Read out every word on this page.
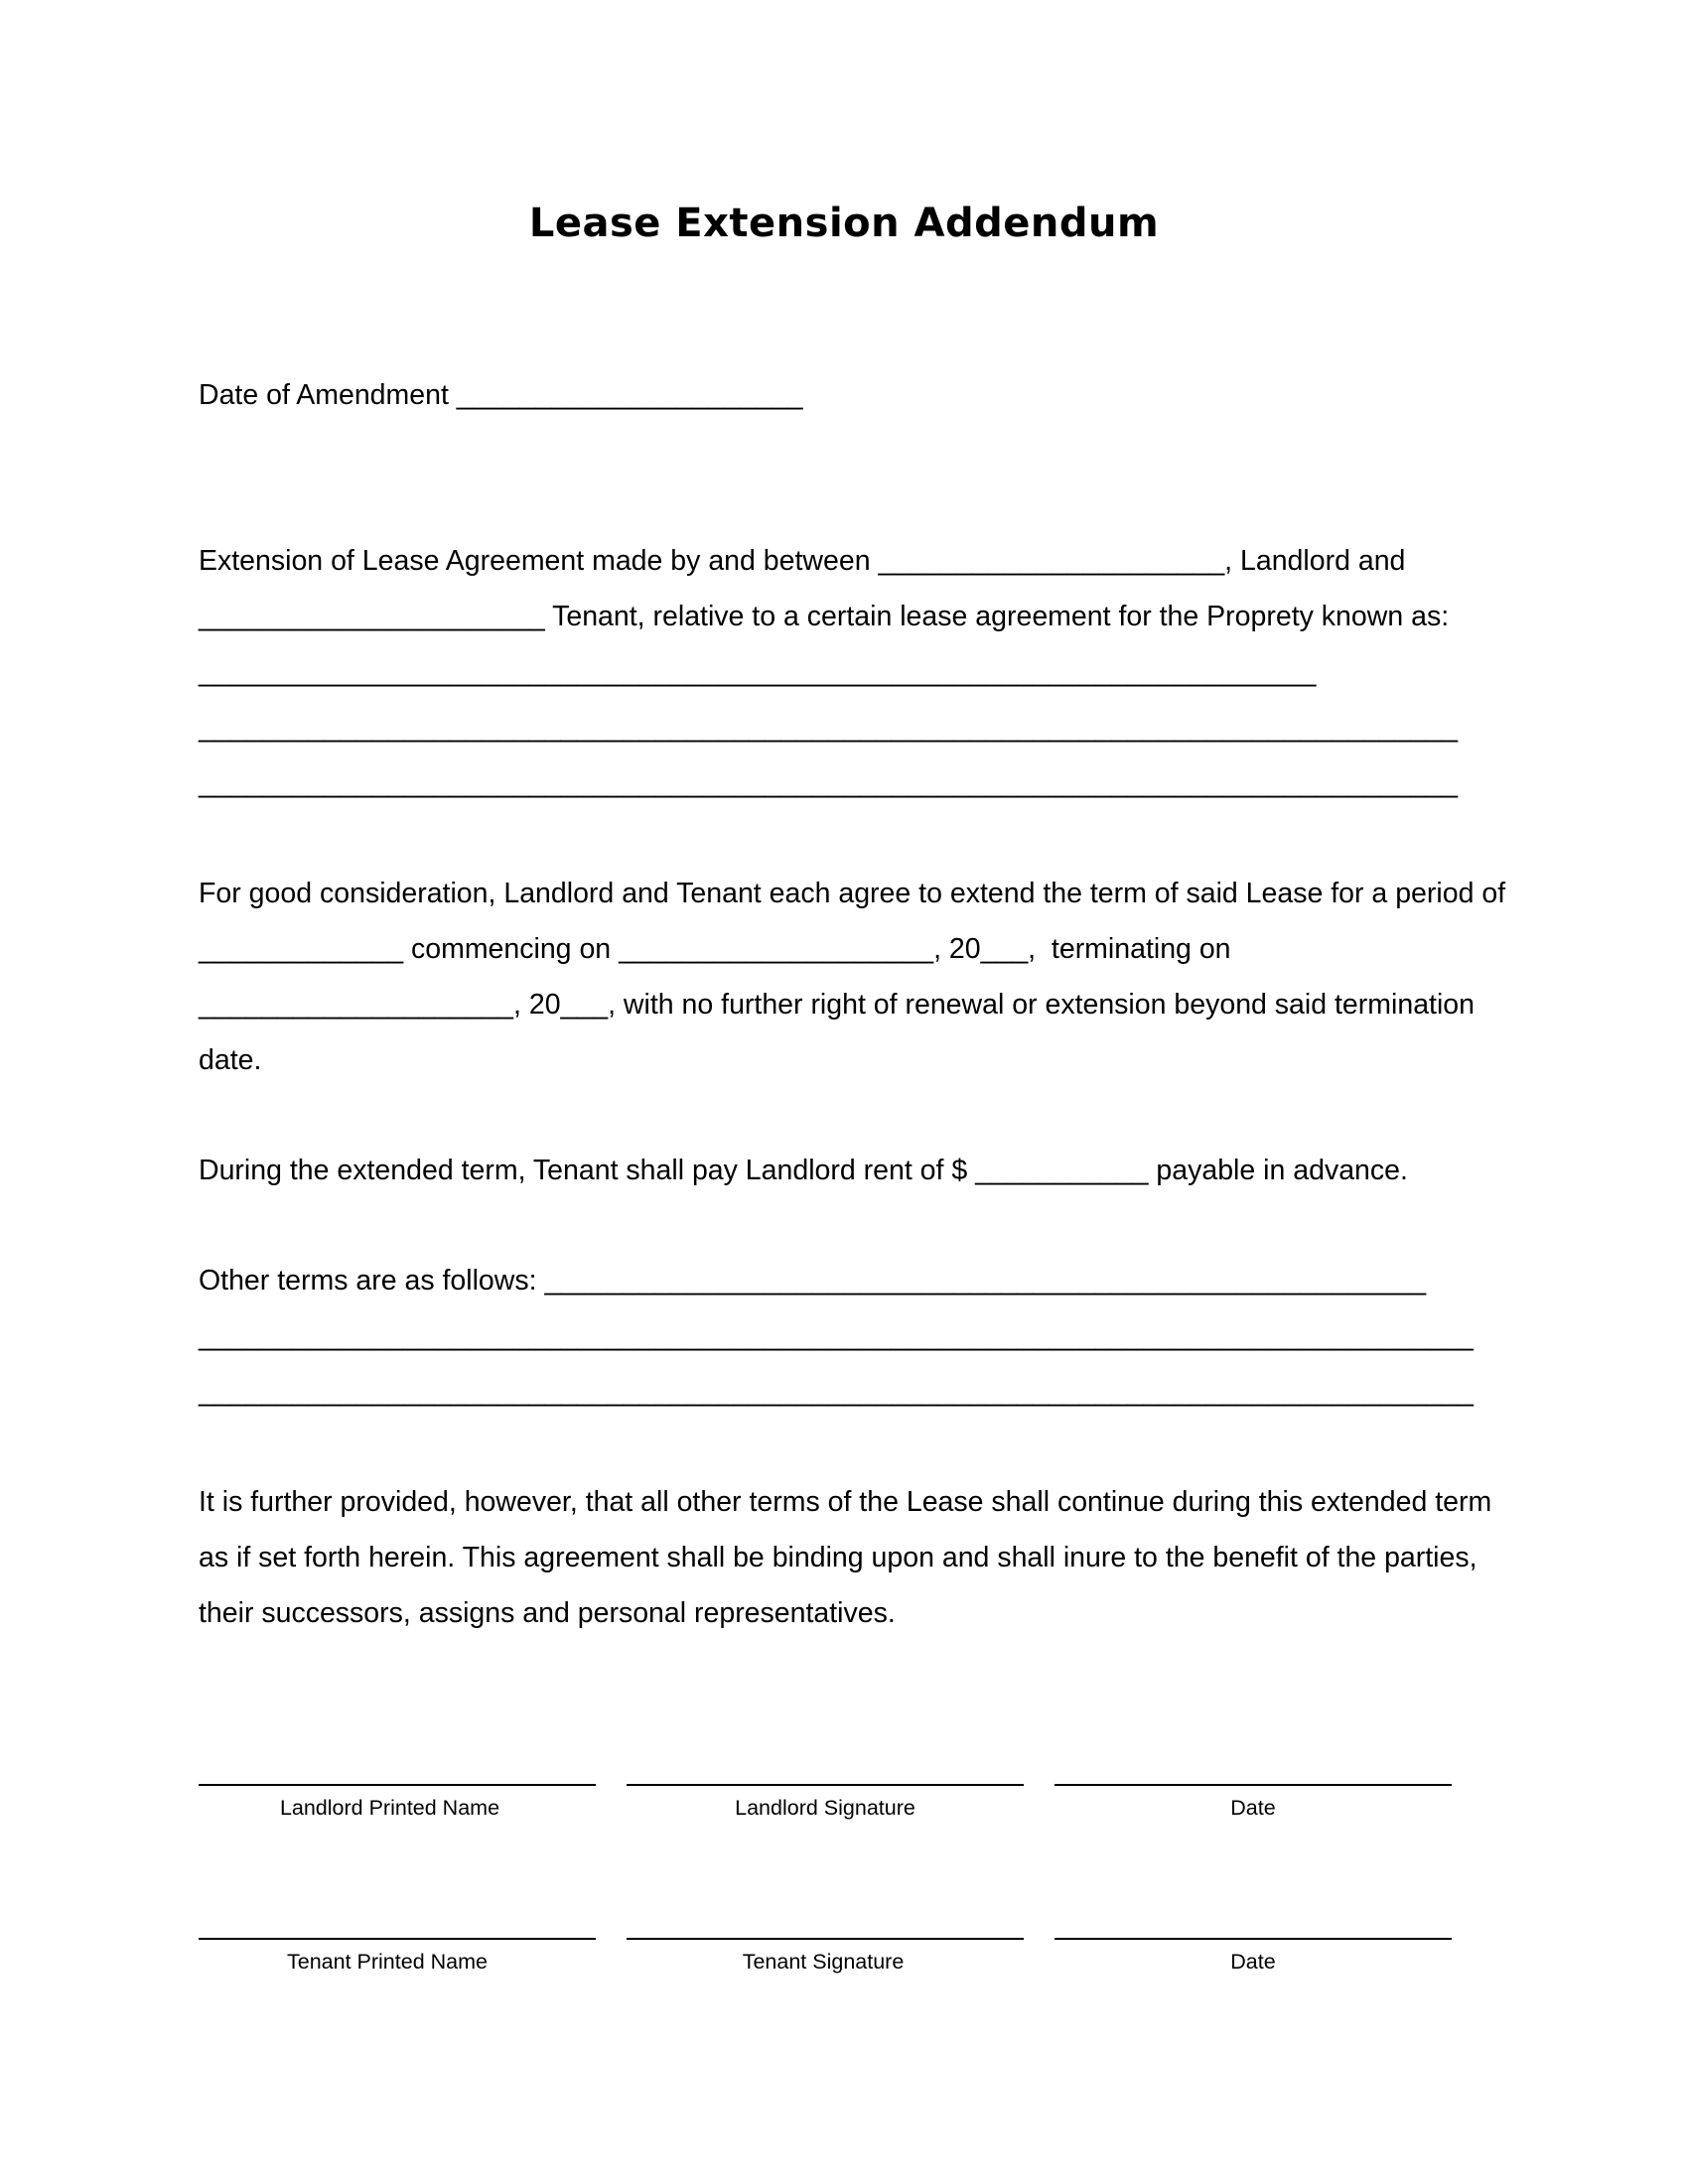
Lease Extension Addendum

Date of Amendment ______________________

Extension of Lease Agreement made by and between ______________________, Landlord and

______________________ Tenant, relative to a certain lease agreement for the Proprety known as:

_______________________________________________________________________

________________________________________________________________________________

________________________________________________________________________________

For good consideration, Landlord and Tenant each agree to extend the term of said Lease for a period of

_____________ commencing on ____________________, 20___,  terminating on

____________________, 20___, with no further right of renewal or extension beyond said termination

date.

During the extended term, Tenant shall pay Landlord rent of $ ___________ payable in advance.

Other terms are as follows: ________________________________________________________

_________________________________________________________________________________

_________________________________________________________________________________

It is further provided, however, that all other terms of the Lease shall continue during this extended term

as if set forth herein. This agreement shall be binding upon and shall inure to the benefit of the parties,

their successors, assigns and personal representatives.

Landlord Printed Name	Landlord Signature	Date
Tenant Printed Name	Tenant Signature	Date
